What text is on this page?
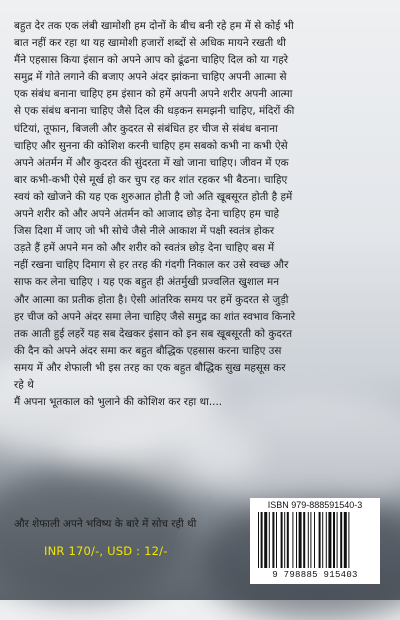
बहुत देर तक एक लंबी खामोशी हम दोनों के बीच बनी रहे हम में से कोई भी

बात नहीं कर रहा था यह खामोशी हजारों शब्दों से अधिक मायने रखती थी

मैंने एहसास किया इंसान को अपने आप को ढूंढना चाहिए दिल को या गहरे

समुद्र में गोते लगाने की बजाए अपने अंदर झांकना चाहिए अपनी आत्मा से

एक संबंध बनाना चाहिए हम इंसान को हमें अपनी अपने शरीर अपनी आत्मा

से एक संबंध बनाना चाहिए जैसे दिल की धड़कन समझनी चाहिए, मंदिरों की

घंटियां, तूफान, बिजली और कुदरत से संबंधित हर चीज से संबंध बनाना

चाहिए और सुनना की कोशिश करनी चाहिए हम सबको कभी ना कभी ऐसे

अपने अंतर्मन में और कुदरत की सुंदरता में खो जाना चाहिए। जीवन में एक

बार कभी-कभी ऐसे मूर्ख हो कर चुप रह कर शांत रहकर भी बैठना। चाहिए

स्वयं को खोजने की यह एक शुरुआत होती है जो अति खूबसूरत होती है हमें

अपने शरीर को और अपने अंतर्मन को आजाद छोड़ देना चाहिए हम चाहे

जिस दिशा में जाए जो भी सोचे जैसे नीले आकाश में पक्षी स्वतंत्र होकर

उड़ते हैं हमें अपने मन को और शरीर को स्वतंत्र छोड़ देना चाहिए बस में

नहीं रखना चाहिए दिमाग से हर तरह की गंदगी निकाल कर उसे स्वच्छ और

साफ कर लेना चाहिए । यह एक बहुत ही अंतर्मुखी प्रज्वलित खुशाल मन

और आत्मा का प्रतीक होता है। ऐसी आंतरिक समय पर हमें कुदरत से जुड़ी

हर चीज को अपने अंदर समा लेना चाहिए जैसे समुद्र का शांत स्वभाव किनारे

तक आती हुई लहरें यह सब देखकर इंसान को इन सब खूबसूरती को कुदरत

की दैन को अपने अंदर समा कर बहुत बौद्धिक एहसास करना चाहिए उस

समय में और शेफाली भी इस तरह का एक बहुत बौद्धिक सुख महसूस कर

रहे थे

मैं अपना भूतकाल को भुलाने की कोशिश कर रहा था....

और शेफाली अपने भविष्य के बारे में सोच रही थी
INR 170/-, USD : 12/-
ISBN 979-888591540-3
9 798885 915403
